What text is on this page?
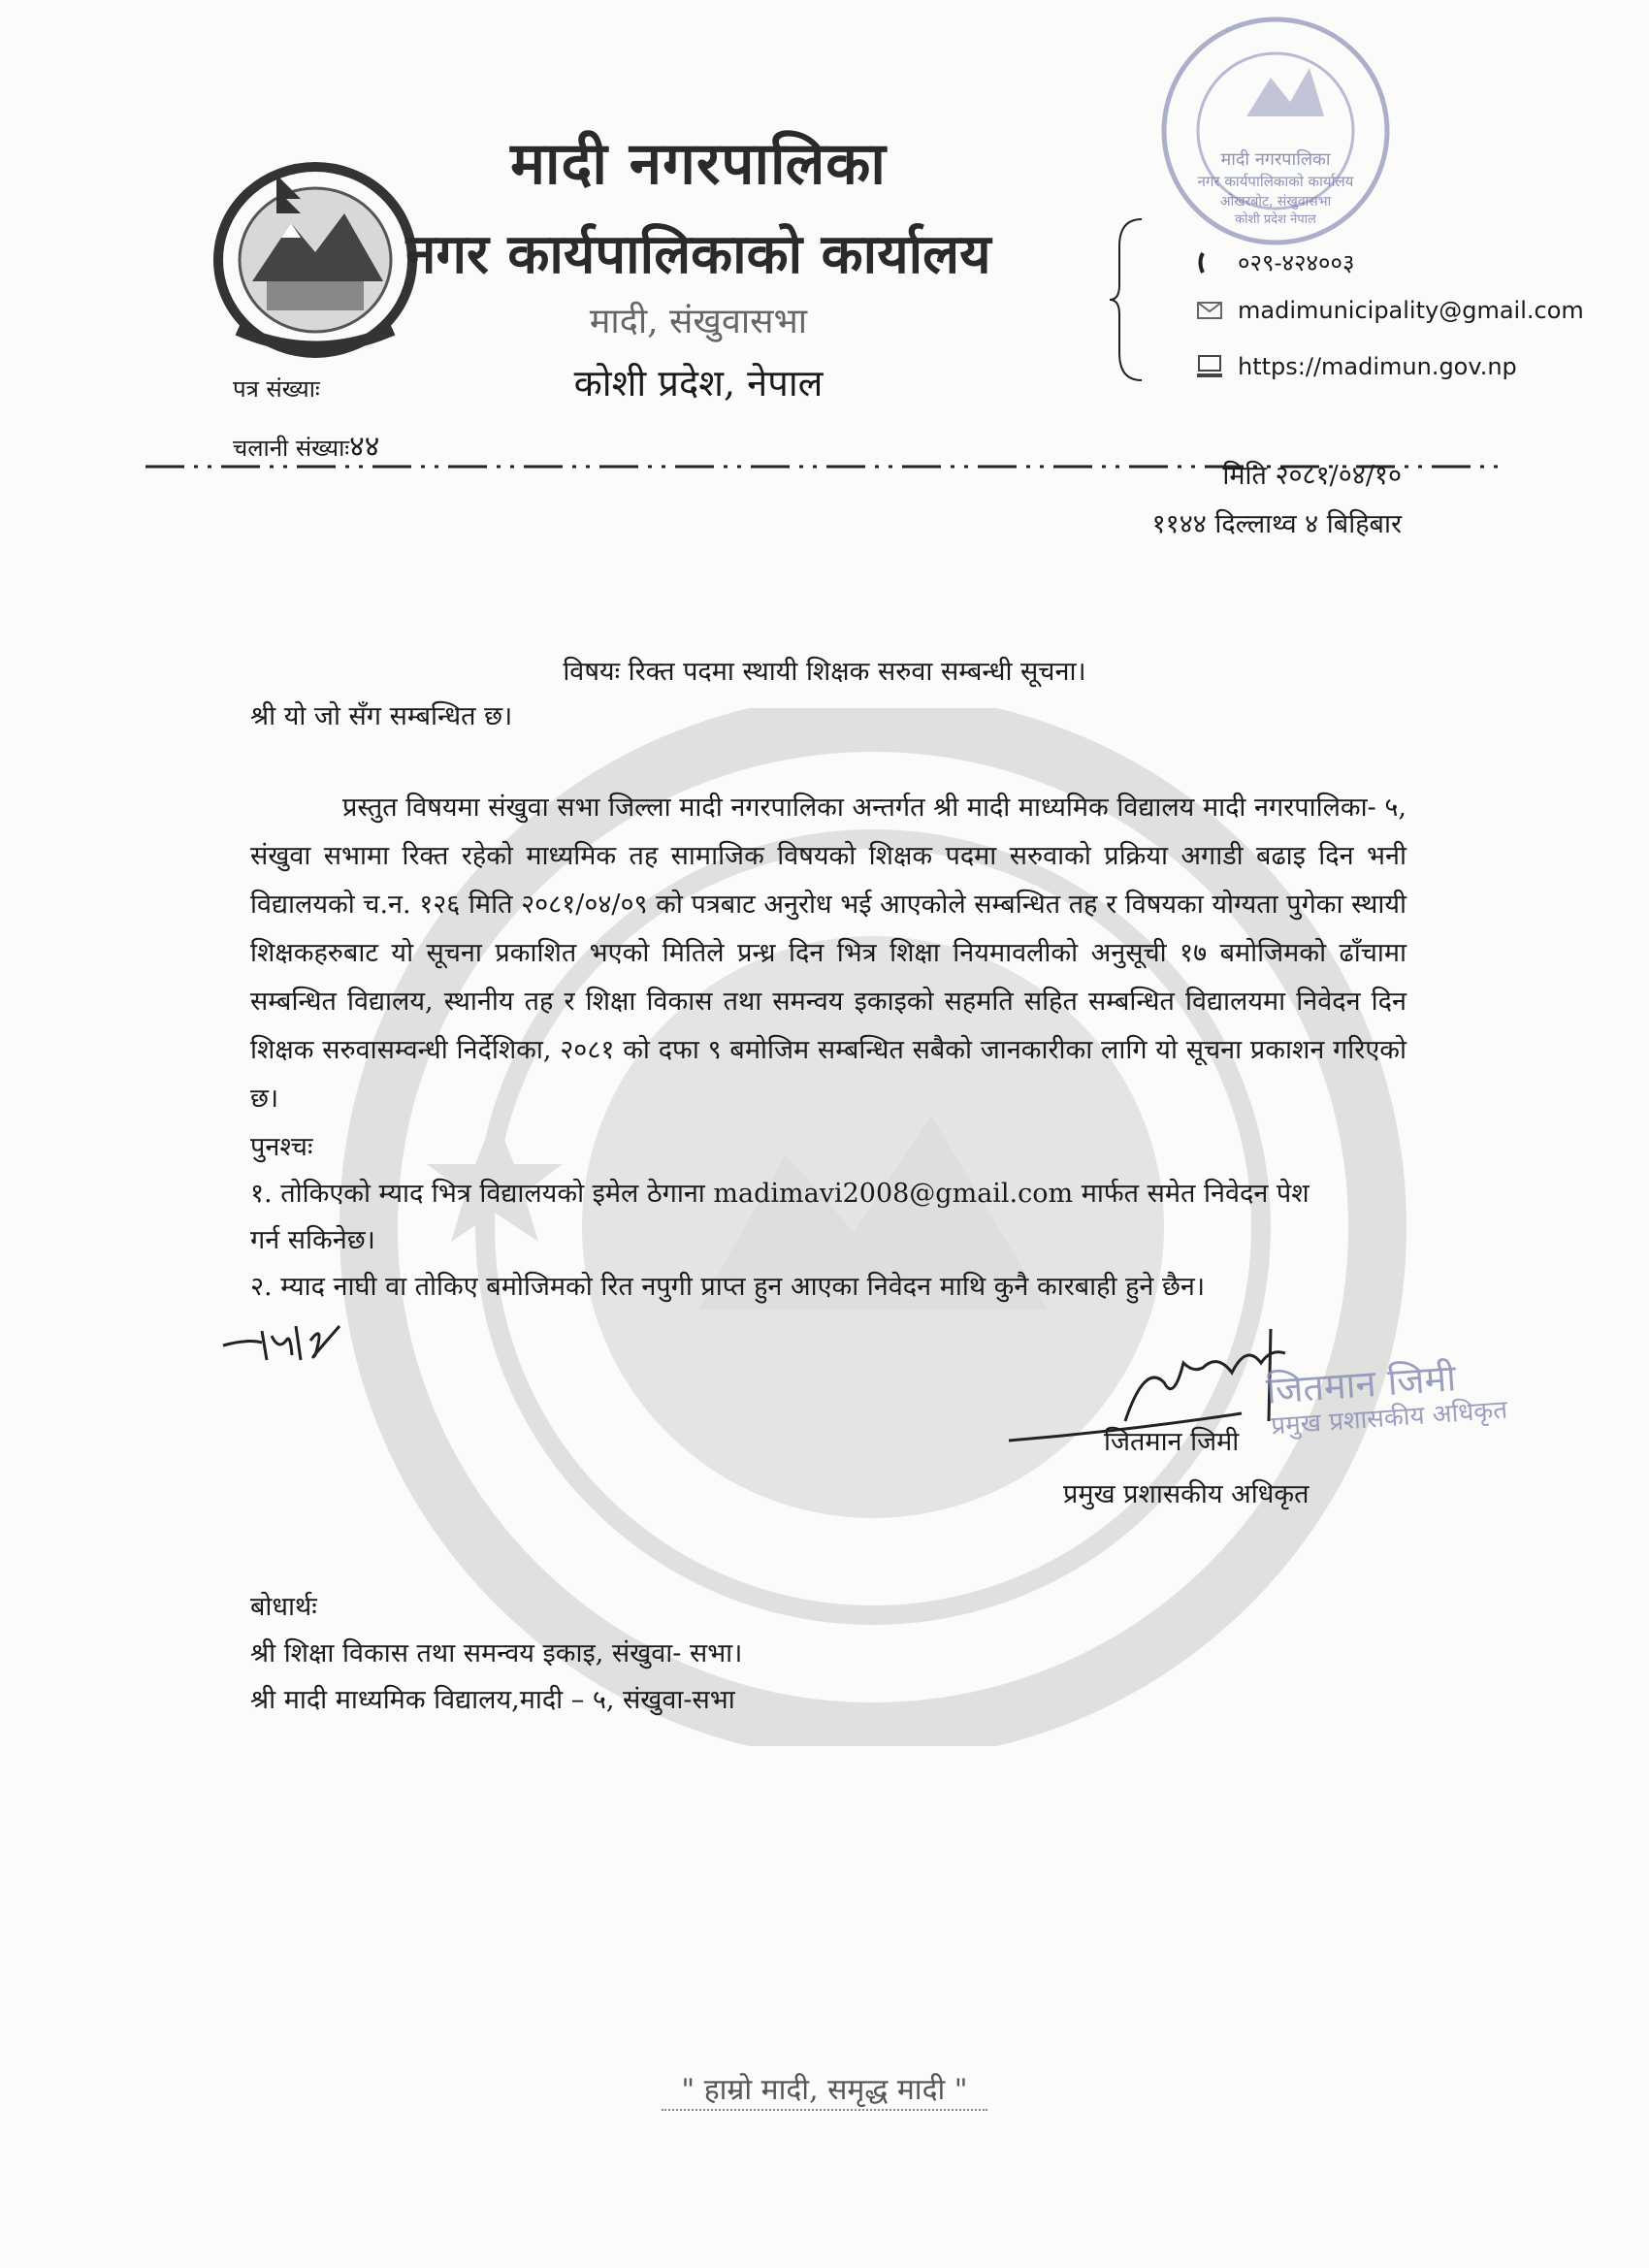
मादी नगरपालिका
नगर कार्यपालिकाको कार्यालय
मादी, संखुवासभा
कोशी प्रदेश, नेपाल
मादी नगरपालिका
नगर कार्यपालिकाको कार्यालय
ओखरबोट, संखुवासभा
कोशी प्रदेश नेपाल
०२९-४२४००३
madimunicipality@gmail.com
https://madimun.gov.np
पत्र संख्याः
चलानी संख्याः४४
मिति २०८१/०४/१०
११४४ दिल्लाथ्व ४ बिहिबार
विषयः रिक्त पदमा स्थायी शिक्षक सरुवा सम्बन्धी सूचना।
श्री यो जो सँग सम्बन्धित छ।
प्रस्तुत विषयमा संखुवा सभा जिल्ला मादी नगरपालिका अन्तर्गत श्री मादी माध्यमिक विद्यालय मादी नगरपालिका- ५, संखुवा सभामा रिक्त रहेको माध्यमिक तह सामाजिक विषयको शिक्षक पदमा सरुवाको प्रक्रिया अगाडी बढाइ दिन भनी विद्यालयको च.न. १२६ मिति २०८१/०४/०९ को पत्रबाट अनुरोध भई आएकोले सम्बन्धित तह र विषयका योग्यता पुगेका स्थायी शिक्षकहरुबाट यो सूचना प्रकाशित भएको मितिले प्रन्ध्र दिन भित्र शिक्षा नियमावलीको अनुसूची १७ बमोजिमको ढाँचामा सम्बन्धित विद्यालय, स्थानीय तह र शिक्षा विकास तथा समन्वय इकाइको सहमति सहित सम्बन्धित विद्यालयमा निवेदन दिन शिक्षक सरुवासम्वन्धी निर्देशिका, २०८१ को दफा ९ बमोजिम सम्बन्धित सबैको जानकारीका लागि यो सूचना प्रकाशन गरिएको छ।
पुनश्चः
१. तोकिएको म्याद भित्र विद्यालयको इमेल ठेगाना madimavi2008@gmail.com मार्फत समेत निवेदन पेश
गर्न सकिनेछ।
२. म्याद नाघी वा तोकिए बमोजिमको रित नपुगी प्राप्त हुन आएका निवेदन माथि कुनै कारबाही हुने छैन।
जितमान जिमी
प्रमुख प्रशासकीय अधिकृत
जितमान जिमी
प्रमुख प्रशासकीय अधिकृत
बोधार्थः
श्री शिक्षा विकास तथा समन्वय इकाइ, संखुवा- सभा।
श्री मादी माध्यमिक विद्यालय,मादी – ५, संखुवा-सभा
" हाम्रो मादी, समृद्ध मादी "
